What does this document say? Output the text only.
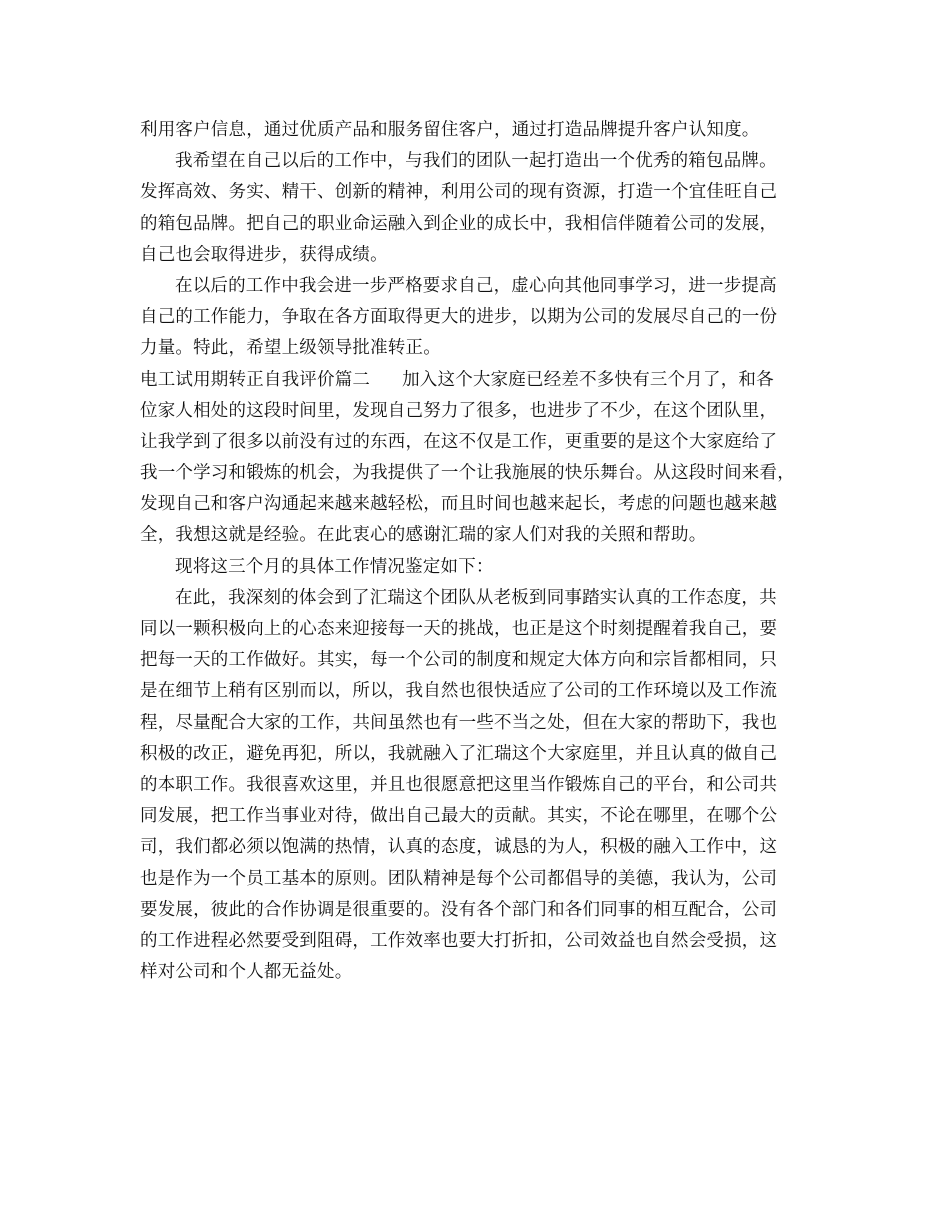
利用客户信息，通过优质产品和服务留住客户，通过打造品牌提升客户认知度。
我希望在自己以后的工作中，与我们的团队一起打造出一个优秀的箱包品牌。
发挥高效、务实、精干、创新的精神，利用公司的现有资源，打造一个宜佳旺自己
的箱包品牌。把自己的职业命运融入到企业的成长中，我相信伴随着公司的发展，
自己也会取得进步，获得成绩。
在以后的工作中我会进一步严格要求自己，虚心向其他同事学习，进一步提高
自己的工作能力，争取在各方面取得更大的进步，以期为公司的发展尽自己的一份
力量。特此，希望上级领导批准转正。
电工试用期转正自我评价篇二 加入这个大家庭已经差不多快有三个月了，和各
位家人相处的这段时间里，发现自己努力了很多，也进步了不少，在这个团队里，
让我学到了很多以前没有过的东西，在这不仅是工作，更重要的是这个大家庭给了
我一个学习和锻炼的机会，为我提供了一个让我施展的快乐舞台。从这段时间来看，
发现自己和客户沟通起来越来越轻松，而且时间也越来起长，考虑的问题也越来越
全，我想这就是经验。在此衷心的感谢汇瑞的家人们对我的关照和帮助。
现将这三个月的具体工作情况鉴定如下：
在此，我深刻的体会到了汇瑞这个团队从老板到同事踏实认真的工作态度，共
同以一颗积极向上的心态来迎接每一天的挑战，也正是这个时刻提醒着我自己，要
把每一天的工作做好。其实，每一个公司的制度和规定大体方向和宗旨都相同，只
是在细节上稍有区别而以，所以，我自然也很快适应了公司的工作环境以及工作流
程，尽量配合大家的工作，共间虽然也有一些不当之处，但在大家的帮助下，我也
积极的改正，避免再犯，所以，我就融入了汇瑞这个大家庭里，并且认真的做自己
的本职工作。我很喜欢这里，并且也很愿意把这里当作锻炼自己的平台，和公司共
同发展，把工作当事业对待，做出自己最大的贡献。其实，不论在哪里，在哪个公
司，我们都必须以饱满的热情，认真的态度，诚恳的为人，积极的融入工作中，这
也是作为一个员工基本的原则。团队精神是每个公司都倡导的美德，我认为，公司
要发展，彼此的合作协调是很重要的。没有各个部门和各们同事的相互配合，公司
的工作进程必然要受到阻碍，工作效率也要大打折扣，公司效益也自然会受损，这
样对公司和个人都无益处。
